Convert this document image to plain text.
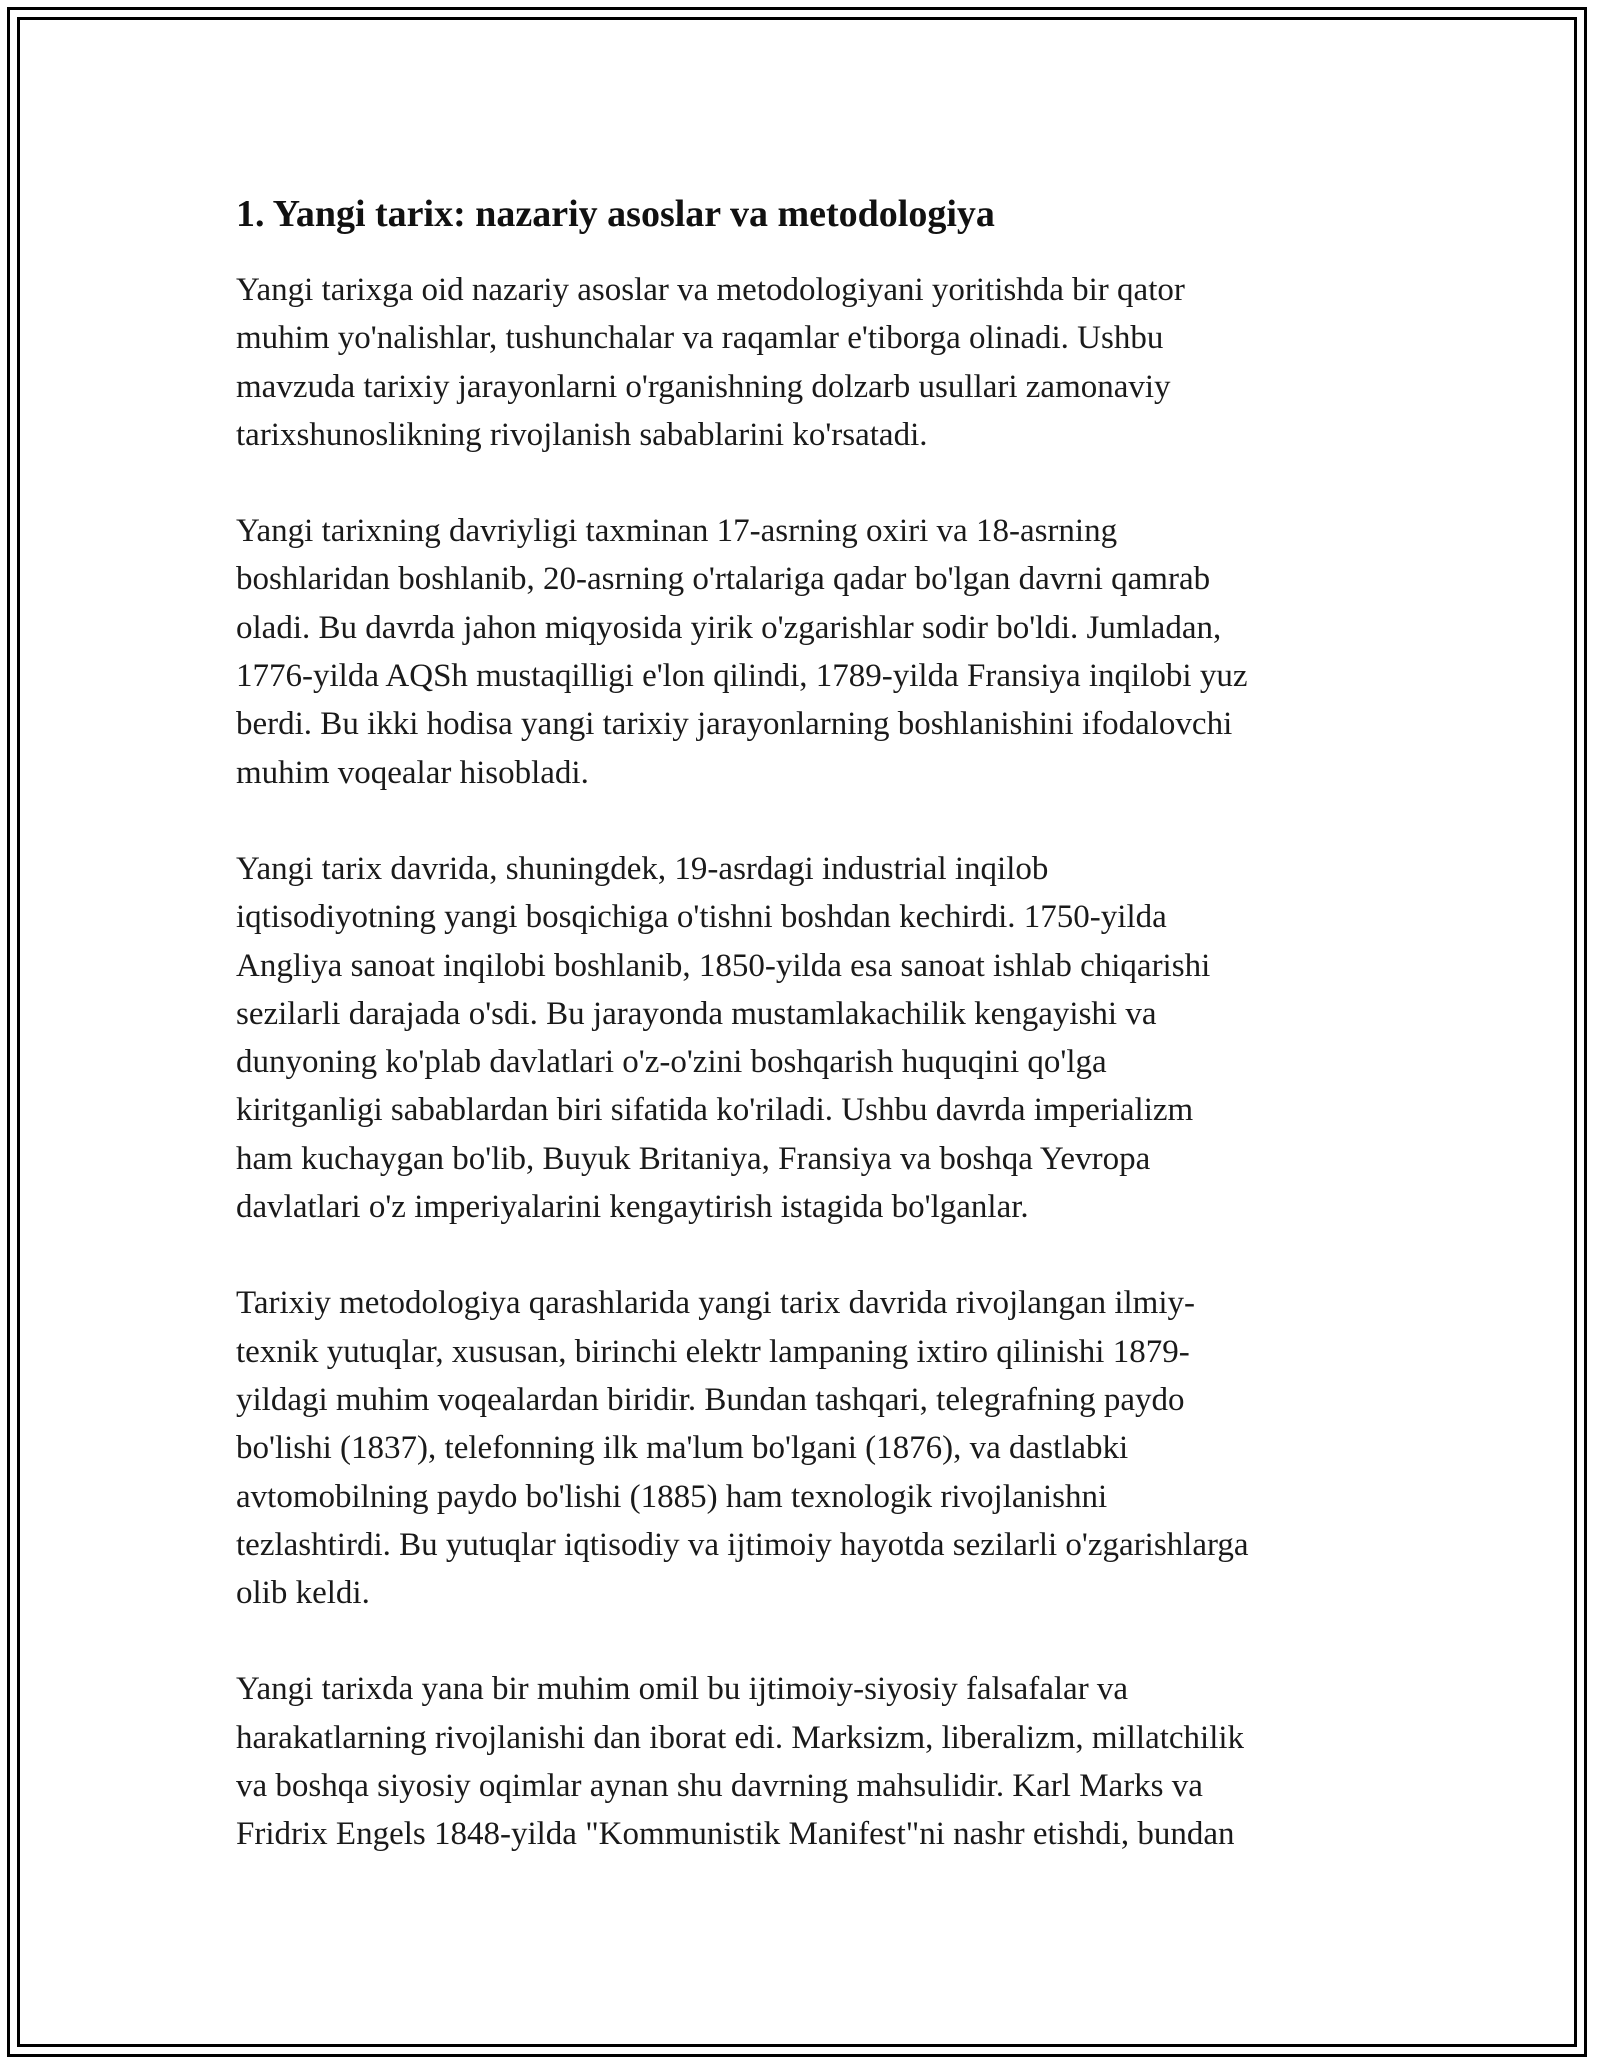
1. Yangi tarix: nazariy asoslar va metodologiya

Yangi tarixga oid nazariy asoslar va metodologiyani yoritishda bir qator
muhim yo'nalishlar, tushunchalar va raqamlar e'tiborga olinadi. Ushbu
mavzuda tarixiy jarayonlarni o'rganishning dolzarb usullari zamonaviy
tarixshunoslikning rivojlanish sabablarini ko'rsatadi.

Yangi tarixning davriyligi taxminan 17-asrning oxiri va 18-asrning
boshlaridan boshlanib, 20-asrning o'rtalariga qadar bo'lgan davrni qamrab
oladi. Bu davrda jahon miqyosida yirik o'zgarishlar sodir bo'ldi. Jumladan,
1776-yilda AQSh mustaqilligi e'lon qilindi, 1789-yilda Fransiya inqilobi yuz
berdi. Bu ikki hodisa yangi tarixiy jarayonlarning boshlanishini ifodalovchi
muhim voqealar hisobladi.

Yangi tarix davrida, shuningdek, 19-asrdagi industrial inqilob
iqtisodiyotning yangi bosqichiga o'tishni boshdan kechirdi. 1750-yilda
Angliya sanoat inqilobi boshlanib, 1850-yilda esa sanoat ishlab chiqarishi
sezilarli darajada o'sdi. Bu jarayonda mustamlakachilik kengayishi va
dunyoning ko'plab davlatlari o'z-o'zini boshqarish huquqini qo'lga
kiritganligi sabablardan biri sifatida ko'riladi. Ushbu davrda imperializm
ham kuchaygan bo'lib, Buyuk Britaniya, Fransiya va boshqa Yevropa
davlatlari o'z imperiyalarini kengaytirish istagida bo'lganlar.

Tarixiy metodologiya qarashlarida yangi tarix davrida rivojlangan ilmiy-
texnik yutuqlar, xususan, birinchi elektr lampaning ixtiro qilinishi 1879-
yildagi muhim voqealardan biridir. Bundan tashqari, telegrafning paydo
bo'lishi (1837), telefonning ilk ma'lum bo'lgani (1876), va dastlabki
avtomobilning paydo bo'lishi (1885) ham texnologik rivojlanishni
tezlashtirdi. Bu yutuqlar iqtisodiy va ijtimoiy hayotda sezilarli o'zgarishlarga
olib keldi.

Yangi tarixda yana bir muhim omil bu ijtimoiy-siyosiy falsafalar va
harakatlarning rivojlanishi dan iborat edi. Marksizm, liberalizm, millatchilik
va boshqa siyosiy oqimlar aynan shu davrning mahsulidir. Karl Marks va
Fridrix Engels 1848-yilda "Kommunistik Manifest"ni nashr etishdi, bundan
